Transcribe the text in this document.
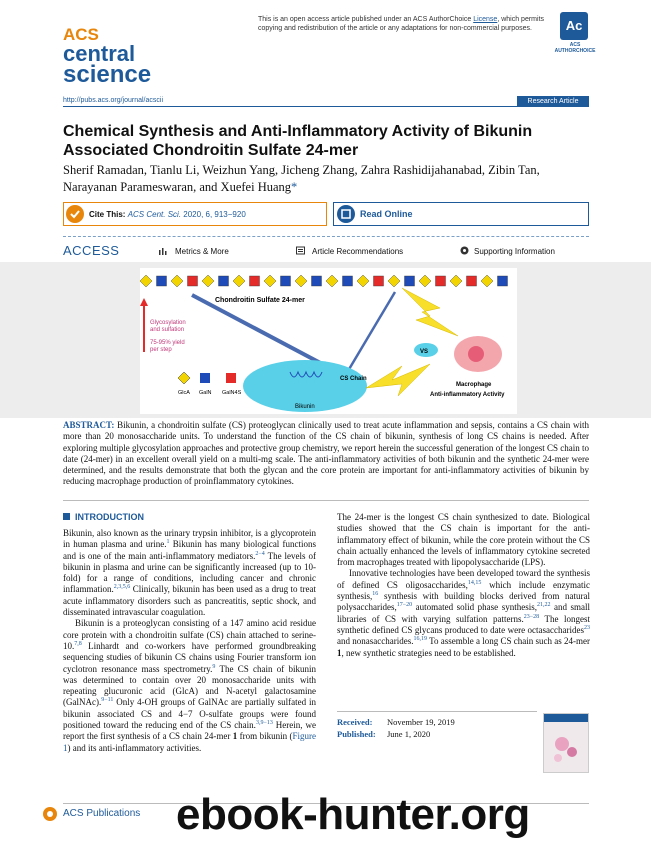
ACS
central
science
This is an open access article published under an ACS AuthorChoice License, which permits copying and redistribution of the article or any adaptations for non-commercial purposes.	Ac
ACS AUTHORCHOICE
http://pubs.acs.org/journal/acscii	Research Article
Chemical Synthesis and Anti-Inflammatory Activity of Bikunin Associated Chondroitin Sulfate 24-mer
Sherif Ramadan, Tianlu Li, Weizhun Yang, Jicheng Zhang, Zahra Rashidijahanabad, Zibin Tan, Narayanan Parameswaran, and Xuefei Huang*
Cite This: ACS Cent. Sci. 2020, 6, 913−920	Read Online
ACCESS	Metrics & More	Article Recommendations	Supporting Information
Chondroitin Sulfate 24-mer
Glycosylation
and sulfation
75-95% yield
per step
GlcA GalN GalN4S
Bikunin
CS Chain
VS
Macrophage
Anti-inflammatory Activity
ABSTRACT: Bikunin, a chondroitin sulfate (CS) proteoglycan clinically used to treat acute inflammation and sepsis, contains a CS chain with more than 20 monosaccharide units. To understand the function of the CS chain of bikunin, synthesis of long CS chains is needed. After exploring multiple glycosylation approaches and protective group chemistry, we report herein the successful generation of the longest CS chain to date (24-mer) in an excellent overall yield on a multi-mg scale. The anti-inflammatory activities of both bikunin and the synthetic 24-mer were determined, and the results demonstrate that both the glycan and the core protein are important for anti-inflammatory activities of bikunin by reducing macrophage production of proinflammatory cytokines.
INTRODUCTION

Bikunin, also known as the urinary trypsin inhibitor, is a glycoprotein in human plasma and urine.$^1$ Bikunin has many biological functions and is one of the main anti-inflammatory mediators.$^{2-4}$ The levels of bikunin in plasma and urine can be significantly increased (up to 10-fold) for a range of conditions, including cancer and chronic inflammation.$^{2,3,5,6}$ Clinically, bikunin has been used as a drug to treat acute inflammatory disorders such as pancreatitis, septic shock, and disseminated intravascular coagulation.

Bikunin is a proteoglycan consisting of a 147 amino acid residue core protein with a chondroitin sulfate (CS) chain attached to serine-10.$^{7,8}$ Linhardt and co-workers have performed groundbreaking sequencing studies of bikunin CS chains using Fourier transform ion cyclotron resonance mass spectrometry.$^9$ The CS chain of bikunin was determined to contain over 20 monosaccharide units with repeating glucuronic acid (GlcA) and N-acetyl galactosamine (GalNAc).$^{9-11}$ Only 4-OH groups of GalNAc are partially sulfated in bikunin associated CS and 4−7 O-sulfate groups were found positioned toward the reducing end of the CS chain.$^{3,9-13}$ Herein, we report the first synthesis of a CS chain 24-mer 1 from bikunin (Figure 1) and its anti-inflammatory activities.

The 24-mer is the longest CS chain synthesized to date. Biological studies showed that the CS chain is important for the anti-inflammatory effect of bikunin, while the core protein without the CS chain actually enhanced the levels of inflammatory cytokine secreted from macrophages treated with lipopolysaccharide (LPS).

Innovative technologies have been developed toward the synthesis of defined CS oligosaccharides,$^{14,15}$ which include enzymatic synthesis,$^{16}$ synthesis with building blocks derived from natural polysaccharides,$^{17-20}$ automated solid phase synthesis,$^{21,22}$ and small libraries of CS with varying sulfation patterns.$^{23-28}$ The longest synthetic defined CS glycans produced to date were octasaccharides$^{23}$ and nonasaccharides.$^{16,19}$ To assemble a long CS chain such as 24-mer 1, new synthetic strategies need to be established.

Received: November 19, 2019
Published: June 1, 2020
ACS Publications ebook-hunter.org
